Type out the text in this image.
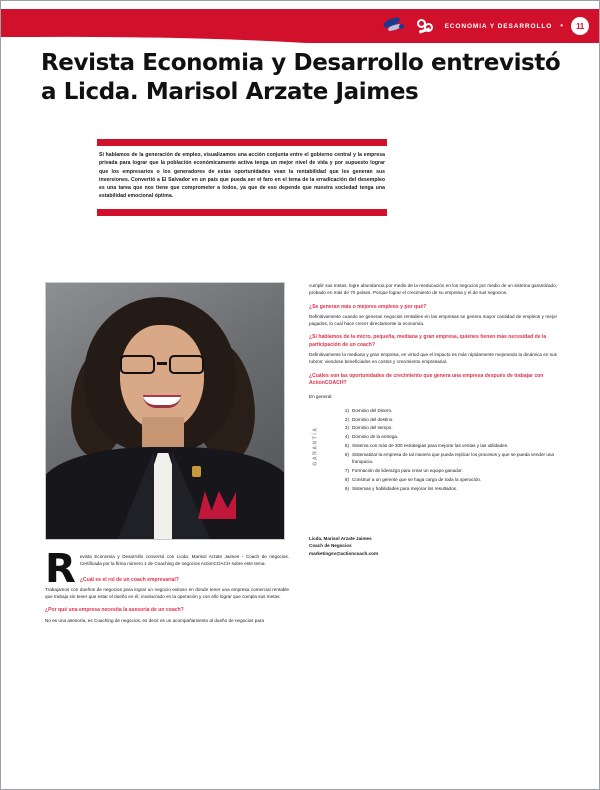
ECONOMIA Y DESARROLLO •	11
Revista Economia y Desarrollo entrevistó a Licda. Marisol Arzate Jaimes
Si hablamos de la generación de empleo, visualizamos una acción conjunta entre el gobierno central y la empresa privada para lograr que la población económicamente activa tenga un mejor nivel de vida y por supuesto lograr que los empresarios o los generadores de estas oportunidades vean la rentabilidad que les generan sus inversiones. Convertió a El Salvador en un país que pueda ser el faro en el tema de la erradicación del desempleo es una tarea que nos tiene que comprometer a todos, ya que de eso depende que nuestra sociedad tenga una estabilidad emocional óptima.
R evista Economia y Desarrollo conversó con Licda. Marisol Arzate Jaimes - Coach de negocios. Certificada por la firma número 1 de Coaching de negocios ActionCOACH sobre este tema:
¿Cuál es el rol de un coach empresarial?
Trabajamos con dueños de negocios para lograr un negocio exitoso en donde tener una empresa comercial rentable que trabaja sin tener que estar el dueño en él, involucrado en la operación y con ello lograr que cumpla sus metas.
¿Por qué una empresa necesita la asesoría de un coach?
No es una asesoría, es Coaching de negocios, es decir es un acompañamiento al dueño de negocios para
cumplir sus metas, logre abundancia por medio de la reeducación en los negocios por medio de un sistema garantizado, probado en más de 70 países. Porque lograr el crecimiento de su empresa y el de sus negocios.
¿Se generan más o mejores empleos y por qué?
Definitivamente cuando se generan negocios rentables en las empresas se genera mayor cantidad de empleos y mejor pagados, lo cual hace crecer directamente la economía.
¿Si hablamos de la micro, pequeña, mediana y gran empresa, quiénes tienen más necesidad de la participación de un coach?
Definitivamente la mediana y gran empresa, en virtud que el impacto es más rápidamente mejorando la dinámica en sus rubros: viendose beneficiados en costos y crecimiento empresarial.
¿Cuáles son las oportunidades de crecimiento que genera una empresa después de trabajar con ActionCOACH?
En general:
GARANTÍA
1) Dominio del Dinero.
2) Dominio del destino.
3) Dominio del tiempo.
4) Dominio de la entrega.
5) Sistema con más de 300 estrategias para mejorar las ventas y las utilidades.
6) Sistematizar la empresa de tal manera que pueda replicar los procesos y que se pueda vender una franquicia.
7) Formación de liderazgo para crear un equipo ganador.
8) Construir a un gerente que se haga cargo de toda la operación.
9) Sistemas y habilidades para mejorar los resultados.
Licda. Marisol Arzate Jaimes
Coach de Negocios
marketingsv@actioncoach.com
